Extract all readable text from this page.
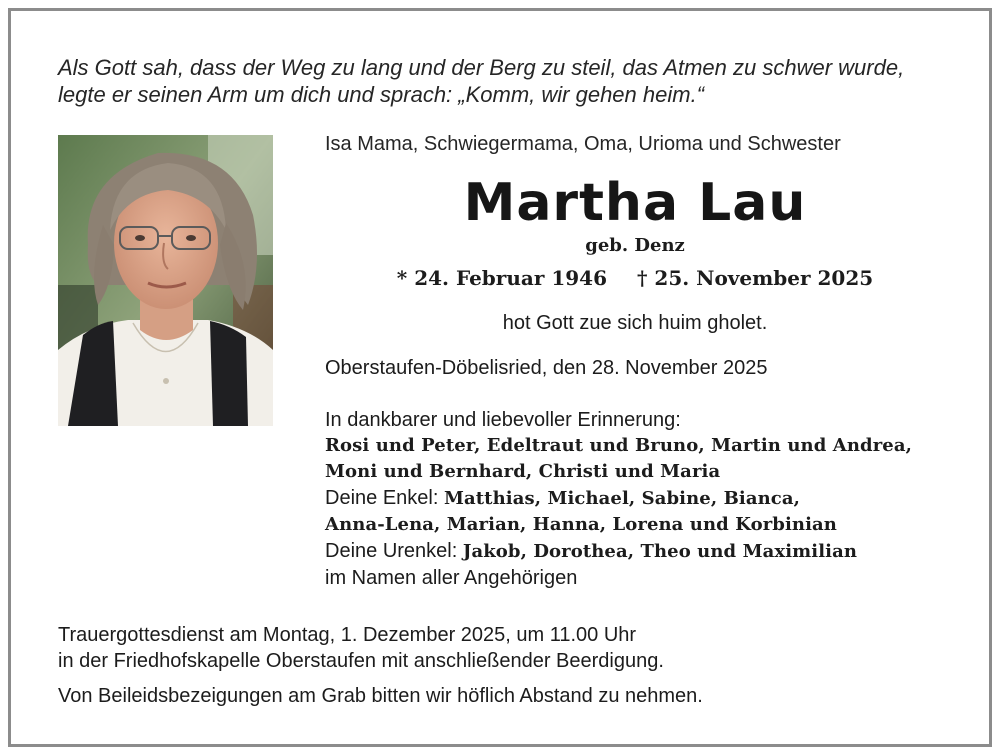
Als Gott sah, dass der Weg zu lang und der Berg zu steil, das Atmen zu schwer wurde,
legte er seinen Arm um dich und sprach: „Komm, wir gehen heim.“
Isa Mama, Schwiegermama, Oma, Urioma und Schwester
Martha Lau
geb. Denz
* 24. Februar 1946 † 25. November 2025
hot Gott zue sich huim gholet.
Oberstaufen-Döbelisried, den 28. November 2025
In dankbarer und liebevoller Erinnerung:
Rosi und Peter, Edeltraut und Bruno, Martin und Andrea,
Moni und Bernhard, Christi und Maria
Deine Enkel: Matthias, Michael, Sabine, Bianca,
Anna-Lena, Marian, Hanna, Lorena und Korbinian
Deine Urenkel: Jakob, Dorothea, Theo und Maximilian
im Namen aller Angehörigen
Trauergottesdienst am Montag, 1. Dezember 2025, um 11.00 Uhr
in der Friedhofskapelle Oberstaufen mit anschließender Beerdigung.
Von Beileidsbezeigungen am Grab bitten wir höflich Abstand zu nehmen.
